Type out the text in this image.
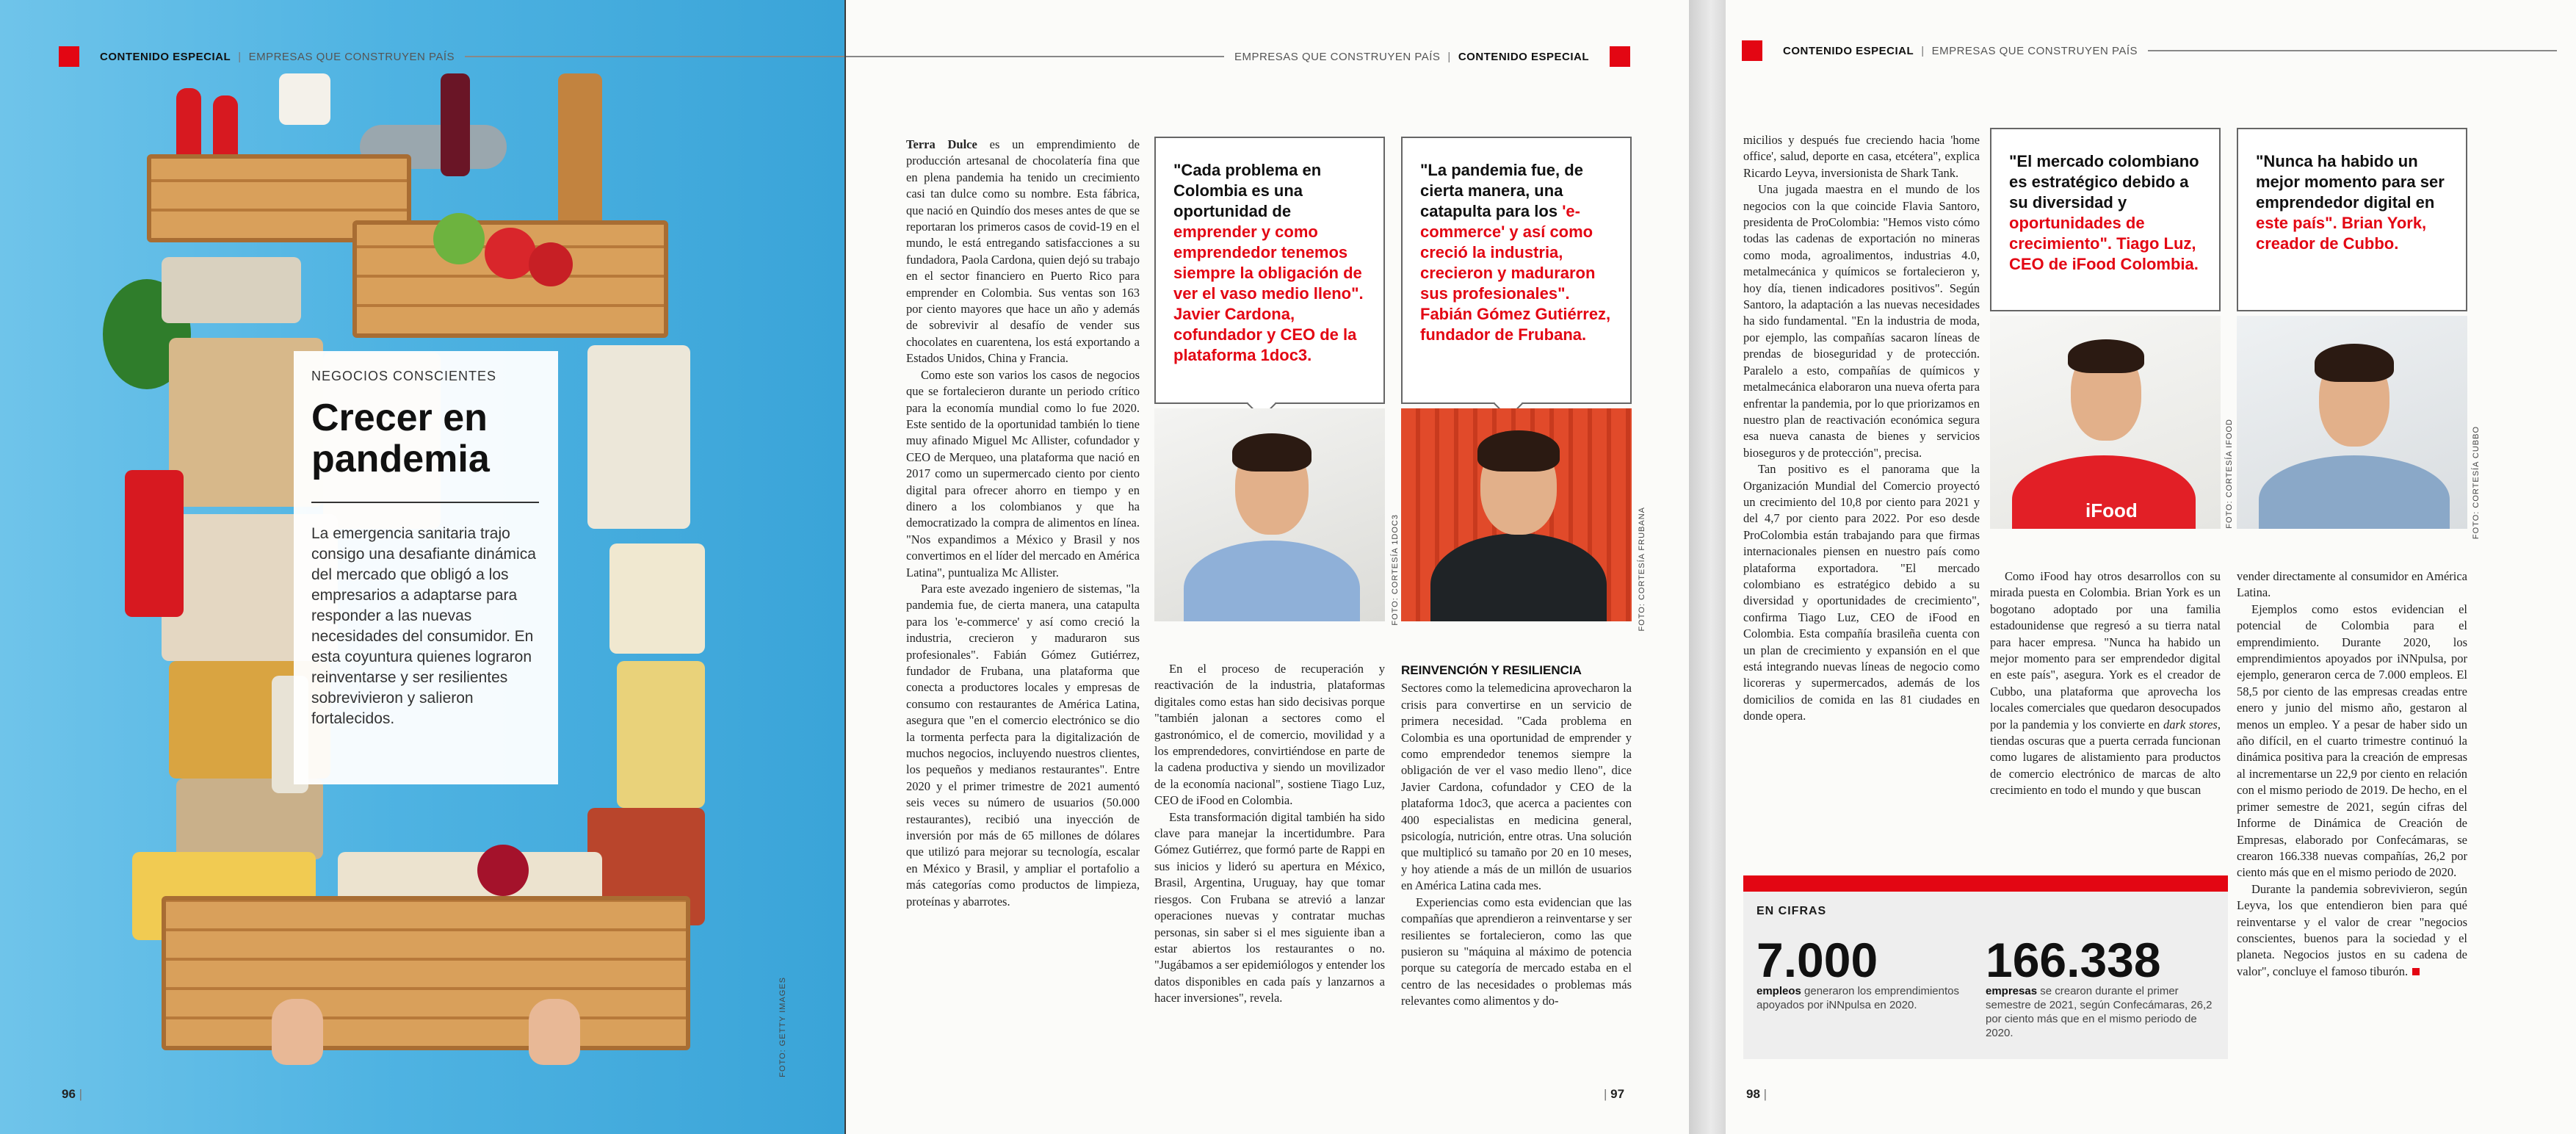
CONTENIDO ESPECIAL | EMPRESAS QUE CONSTRUYEN PAÍS
NEGOCIOS CONSCIENTES
Crecer en pandemia

La emergencia sanitaria trajo consigo una desafiante dinámica del mercado que obligó a los empresarios a adaptarse para responder a las nuevas necesidades del consumidor. En esta coyuntura quienes lograron reinventarse y ser resilientes sobrevivieron y salieron fortalecidos.

FOTO: GETTY IMAGES
96 |
EMPRESAS QUE CONSTRUYEN PAÍS | CONTENIDO ESPECIAL

Terra Dulce es un emprendimiento de producción artesanal de chocolatería fina que en plena pandemia ha tenido un crecimiento casi tan dulce como su nombre. Esta fábrica, que nació en Quindío dos meses antes de que se reportaran los primeros casos de covid-19 en el mundo, le está entregando satisfacciones a su fundadora, Paola Cardona, quien dejó su trabajo en el sector financiero en Puerto Rico para emprender en Colombia. Sus ventas son 163 por ciento mayores que hace un año y además de sobrevivir al desafío de vender sus chocolates en cuarentena, los está exportando a Estados Unidos, China y Francia.

Como este son varios los casos de negocios que se fortalecieron durante un periodo crítico para la economía mundial como lo fue 2020. Este sentido de la oportunidad también lo tiene muy afinado Miguel Mc Allister, cofundador y CEO de Merqueo, una plataforma que nació en 2017 como un supermercado ciento por ciento digital para ofrecer ahorro en tiempo y en dinero a los colombianos y que ha democratizado la compra de alimentos en línea. "Nos expandimos a México y Brasil y nos convertimos en el líder del mercado en América Latina", puntualiza Mc Allister.

Para este avezado ingeniero de sistemas, "la pandemia fue, de cierta manera, una catapulta para los 'e-commerce' y así como creció la industria, crecieron y maduraron sus profesionales". Fabián Gómez Gutiérrez, fundador de Frubana, una plataforma que conecta a productores locales y empresas de consumo con restaurantes de América Latina, asegura que "en el comercio electrónico se dio la tormenta perfecta para la digitalización de muchos negocios, incluyendo nuestros clientes, los pequeños y medianos restaurantes". Entre 2020 y el primer trimestre de 2021 aumentó seis veces su número de usuarios (50.000 restaurantes), recibió una inyección de inversión por más de 65 millones de dólares que utilizó para mejorar su tecnología, escalar en México y Brasil, y ampliar el portafolio a más categorías como productos de limpieza, proteínas y abarrotes.

"Cada problema en Colombia es una oportunidad de emprender y como emprendedor tenemos siempre la obligación de ver el vaso medio lleno". Javier Cardona, cofundador y CEO de la plataforma 1doc3.
FOTO: CORTESÍA 1DOC3
"La pandemia fue, de cierta manera, una catapulta para los 'e-commerce' y así como creció la industria, crecieron y maduraron sus profesionales". Fabián Gómez Gutiérrez, fundador de Frubana.
FOTO: CORTESÍA FRUBANA

En el proceso de recuperación y reactivación de la industria, plataformas digitales como estas han sido decisivas porque "también jalonan a sectores como el gastronómico, el de comercio, movilidad y a los emprendedores, convirtiéndose en parte de la cadena productiva y siendo un movilizador de la economía nacional", sostiene Tiago Luz, CEO de iFood en Colombia.

Esta transformación digital también ha sido clave para manejar la incertidumbre. Para Gómez Gutiérrez, que formó parte de Rappi en sus inicios y lideró su apertura en México, Brasil, Argentina, Uruguay, hay que tomar riesgos. Con Frubana se atrevió a lanzar operaciones nuevas y contratar muchas personas, sin saber si el mes siguiente iban a estar abiertos los restaurantes o no. "Jugábamos a ser epidemiólogos y entender los datos disponibles en cada país y lanzarnos a hacer inversiones", revela.

REINVENCIÓN Y RESILIENCIA

Sectores como la telemedicina aprovecharon la crisis para convertirse en un servicio de primera necesidad. "Cada problema en Colombia es una oportunidad de emprender y como emprendedor tenemos siempre la obligación de ver el vaso medio lleno", dice Javier Cardona, cofundador y CEO de la plataforma 1doc3, que acerca a pacientes con 400 especialistas en medicina general, psicología, nutrición, entre otras. Una solución que multiplicó su tamaño por 20 en 10 meses, y hoy atiende a más de un millón de usuarios en América Latina cada mes.

Experiencias como esta evidencian que las compañías que aprendieron a reinventarse y ser resilientes se fortalecieron, como las que pusieron su "máquina al máximo de potencia porque su categoría de mercado estaba en el centro de las necesidades o problemas más relevantes como alimentos y do-

| 97
CONTENIDO ESPECIAL | EMPRESAS QUE CONSTRUYEN PAÍS

micilios y después fue creciendo hacia 'home office', salud, deporte en casa, etcétera", explica Ricardo Leyva, inversionista de Shark Tank.

Una jugada maestra en el mundo de los negocios con la que coincide Flavia Santoro, presidenta de ProColombia: "Hemos visto cómo todas las cadenas de exportación no mineras como moda, agroalimentos, industrias 4.0, metalmecánica y químicos se fortalecieron y, hoy día, tienen indicadores positivos". Según Santoro, la adaptación a las nuevas necesidades ha sido fundamental. "En la industria de moda, por ejemplo, las compañías sacaron líneas de prendas de bioseguridad y de protección. Paralelo a esto, compañías de químicos y metalmecánica elaboraron una nueva oferta para enfrentar la pandemia, por lo que priorizamos en nuestro plan de reactivación económica segura esa nueva canasta de bienes y servicios bioseguros y de protección", precisa.

Tan positivo es el panorama que la Organización Mundial del Comercio proyectó un crecimiento del 10,8 por ciento para 2021 y del 4,7 por ciento para 2022. Por eso desde ProColombia están trabajando para que firmas internacionales piensen en nuestro país como plataforma exportadora. "El mercado colombiano es estratégico debido a su diversidad y oportunidades de crecimiento", confirma Tiago Luz, CEO de iFood en Colombia. Esta compañía brasileña cuenta con un plan de crecimiento y expansión en el que está integrando nuevas líneas de negocio como licoreras y supermercados, además de los domicilios de comida en las 81 ciudades en donde opera.

"El mercado colombiano es estratégico debido a su diversidad y oportunidades de crecimiento". Tiago Luz, CEO de iFood Colombia.
iFood	FOTO: CORTESÍA IFOOD
"Nunca ha habido un mejor momento para ser emprendedor digital en este país". Brian York, creador de Cubbo.
FOTO: CORTESÍA CUBBO

Como iFood hay otros desarrollos con su mirada puesta en Colombia. Brian York es un bogotano adoptado por una familia estadounidense que regresó a su tierra natal para hacer empresa. "Nunca ha habido un mejor momento para ser emprendedor digital en este país", asegura. York es el creador de Cubbo, una plataforma que aprovecha los locales comerciales que quedaron desocupados por la pandemia y los convierte en dark stores, tiendas oscuras que a puerta cerrada funcionan como lugares de alistamiento para productos de comercio electrónico de marcas de alto crecimiento en todo el mundo y que buscan

vender directamente al consumidor en América Latina.

Ejemplos como estos evidencian el potencial de Colombia para el emprendimiento. Durante 2020, los emprendimientos apoyados por iNNpulsa, por ejemplo, generaron cerca de 7.000 empleos. El 58,5 por ciento de las empresas creadas entre enero y junio del mismo año, gestaron al menos un empleo. Y a pesar de haber sido un año difícil, en el cuarto trimestre continuó la dinámica positiva para la creación de empresas al incrementarse un 22,9 por ciento en relación con el mismo periodo de 2019. De hecho, en el primer semestre de 2021, según cifras del Informe de Dinámica de Creación de Empresas, elaborado por Confecámaras, se crearon 166.338 nuevas compañías, 26,2 por ciento más que en el mismo periodo de 2020.

Durante la pandemia sobrevivieron, según Leyva, los que entendieron bien para qué reinventarse y el valor de crear "negocios conscientes, buenos para la sociedad y el planeta. Negocios justos en su cadena de valor", concluye el famoso tiburón.

EN CIFRAS
7.000
empleos generaron los emprendimientos apoyados por iNNpulsa en 2020.
166.338
empresas se crearon durante el primer semestre de 2021, según Confecámaras, 26,2 por ciento más que en el mismo periodo de 2020.
98 |
